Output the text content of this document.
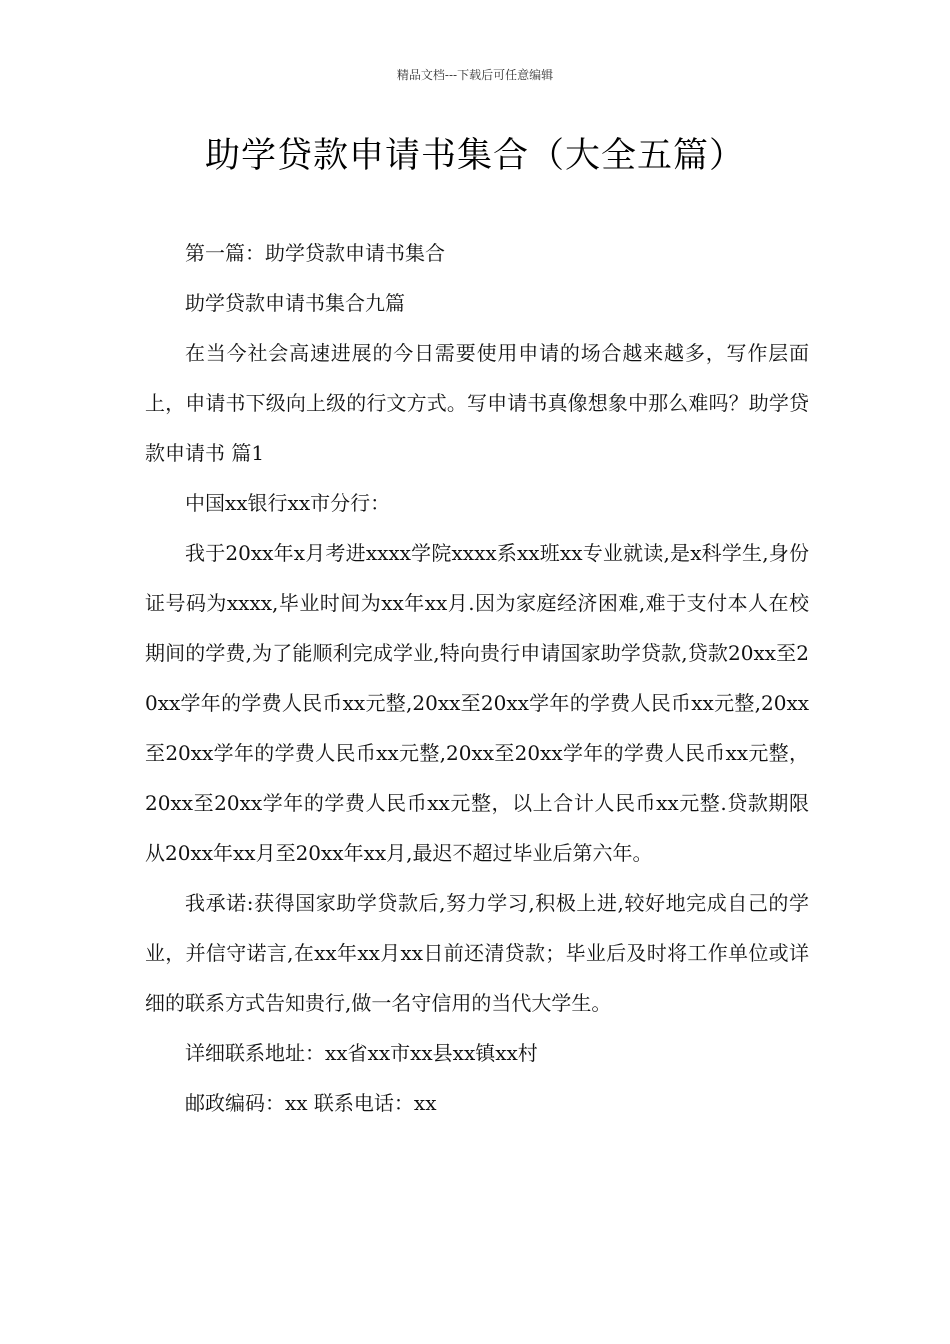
精品文档---下载后可任意编辑
助学贷款申请书集合（大全五篇）

第一篇：助学贷款申请书集合

助学贷款申请书集合九篇

在当今社会高速进展的今日需要使用申请的场合越来越多，写作层面上，申请书下级向上级的行文方式。写申请书真像想象中那么难吗？助学贷款申请书 篇1

中国xx银行xx市分行：

我于20xx年x月考进xxxx学院xxxx系xx班xx专业就读,是x科学生,身份证号码为xxxx,毕业时间为xx年xx月.因为家庭经济困难,难于支付本人在校期间的学费,为了能顺利完成学业,特向贵行申请国家助学贷款,贷款20xx至20xx学年的学费人民币xx元整,20xx至20xx学年的学费人民币xx元整,20xx至20xx学年的学费人民币xx元整,20xx至20xx学年的学费人民币xx元整，20xx至20xx学年的学费人民币xx元整，以上合计人民币xx元整.贷款期限从20xx年xx月至20xx年xx月,最迟不超过毕业后第六年。

我承诺:获得国家助学贷款后,努力学习,积极上进,较好地完成自己的学业，并信守诺言,在xx年xx月xx日前还清贷款；毕业后及时将工作单位或详细的联系方式告知贵行,做一名守信用的当代大学生。

详细联系地址：xx省xx市xx县xx镇xx村

邮政编码：xx 联系电话：xx
